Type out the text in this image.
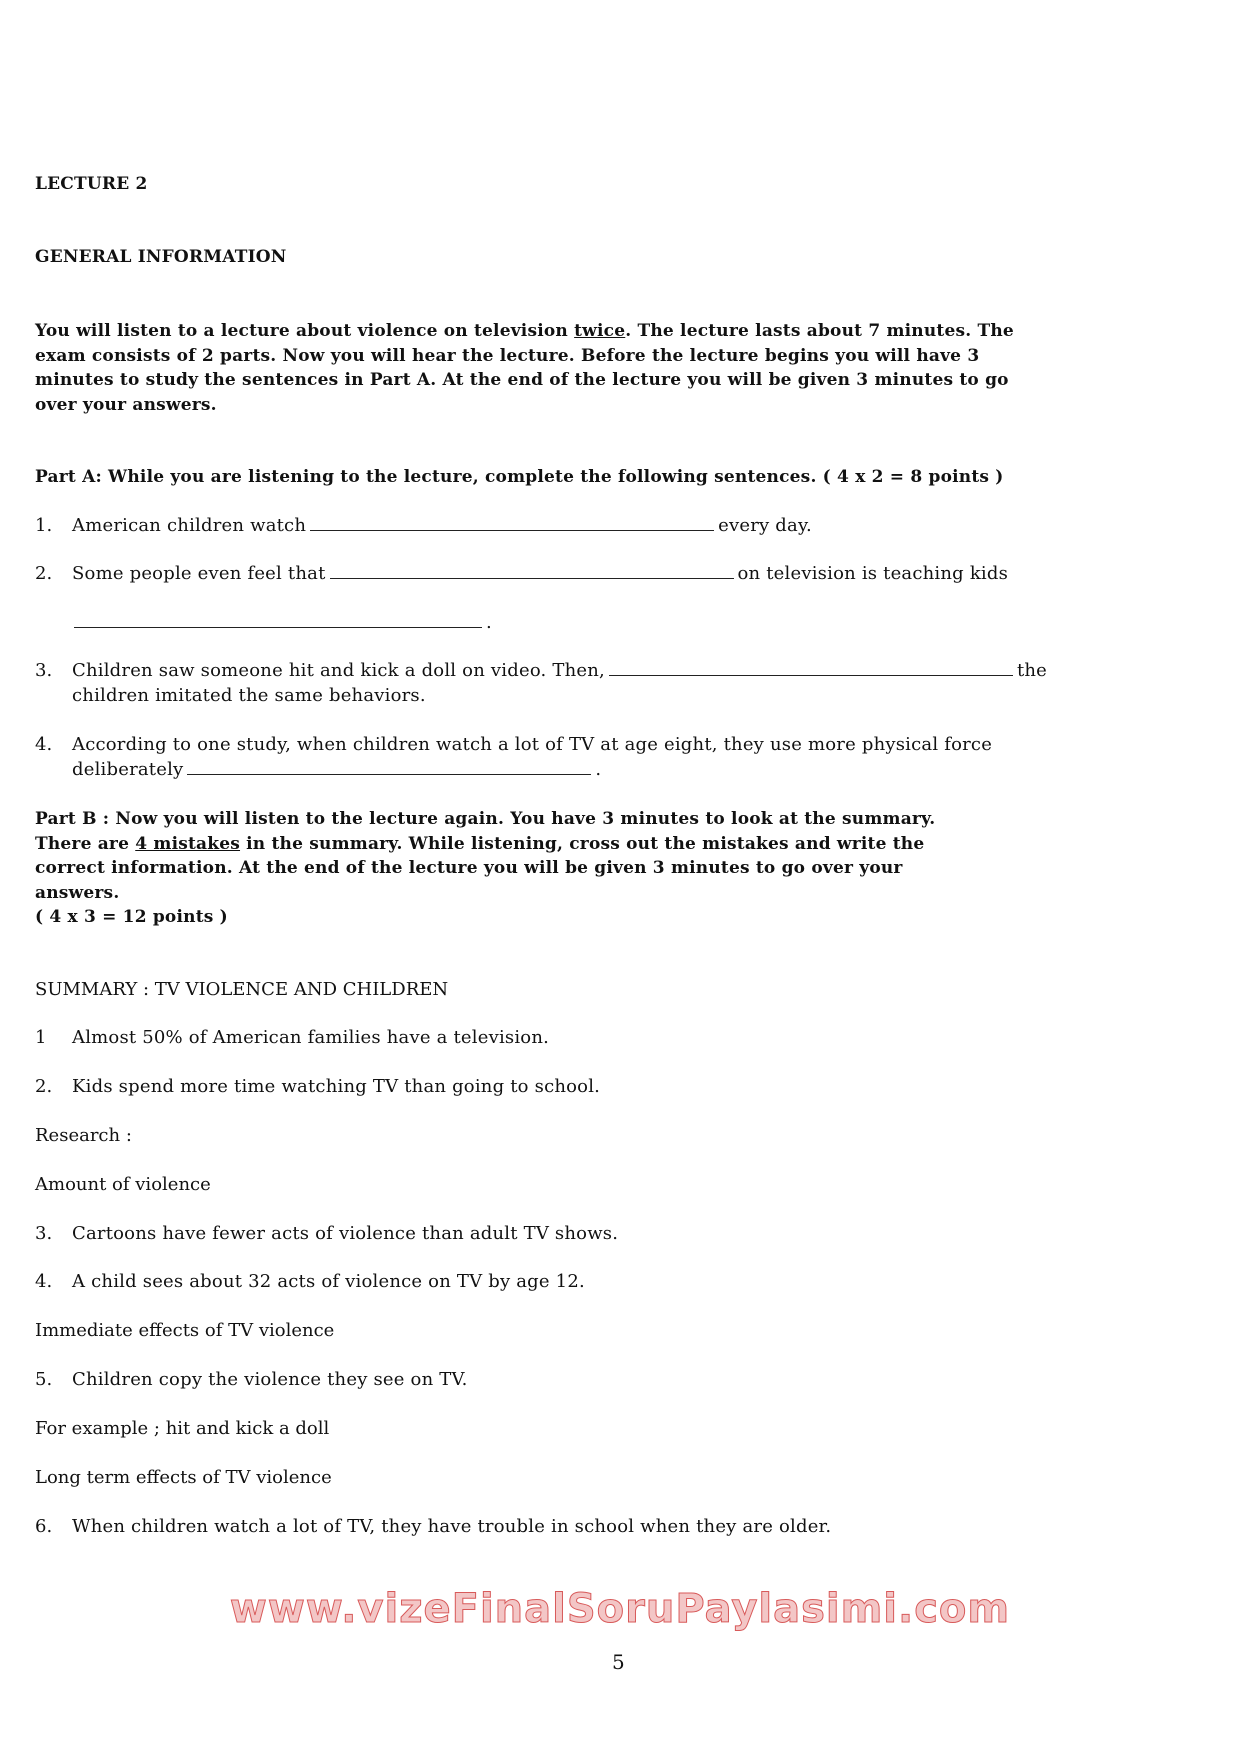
LECTURE 2
GENERAL INFORMATION
You will listen to a lecture about violence on television twice. The lecture lasts about 7 minutes. The
exam consists of 2 parts. Now you will hear the lecture. Before the lecture begins you will have 3
minutes to study the sentences in Part A. At the end of the lecture you will be given 3 minutes to go
over your answers.
Part A: While you are listening to the lecture, complete the following sentences. ( 4 x 2 = 8 points )
1. American children watch	every day.
2. Some people even feel that	on television is teaching kids
.
3. Children saw someone hit and kick a doll on video. Then,	the
children imitated the same behaviors.
4. According to one study, when children watch a lot of TV at age eight, they use more physical force
deliberately	.
Part B : Now you will listen to the lecture again. You have 3 minutes to look at the summary.
There are 4 mistakes in the summary. While listening, cross out the mistakes and write the
correct information. At the end of the lecture you will be given 3 minutes to go over your
answers.
( 4 x 3 = 12 points )
SUMMARY : TV VIOLENCE AND CHILDREN
1 Almost 50% of American families have a television.
2. Kids spend more time watching TV than going to school.
Research :
Amount of violence
3. Cartoons have fewer acts of violence than adult TV shows.
4. A child sees about 32 acts of violence on TV by age 12.
Immediate effects of TV violence
5. Children copy the violence they see on TV.
For example ; hit and kick a doll
Long term effects of TV violence
6. When children watch a lot of TV, they have trouble in school when they are older.
www.vizeFinalSoruPaylasimi.com
5
